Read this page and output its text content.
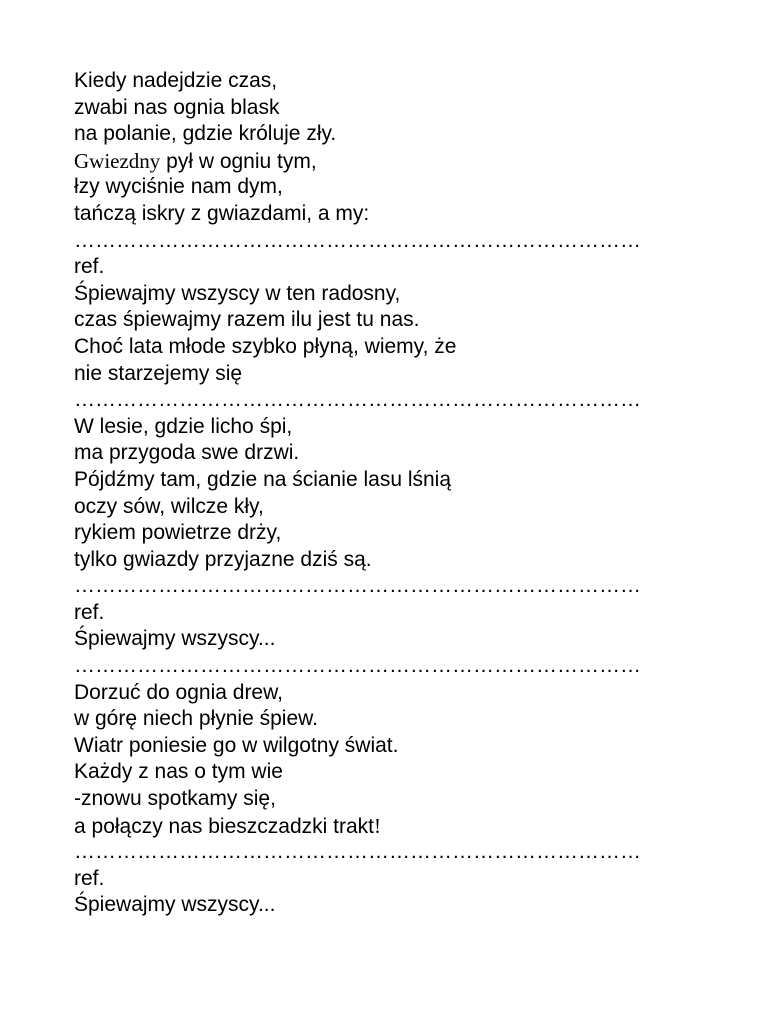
Kiedy nadejdzie czas,
zwabi nas ognia blask
na polanie, gdzie króluje zły.
Gwiezdny pył w ogniu tym,
łzy wyciśnie nam dym,
tańczą iskry z gwiazdami, a my:
………………………………………………………………………
ref.
Śpiewajmy wszyscy w ten radosny,
czas śpiewajmy razem ilu jest tu nas.
Choć lata młode szybko płyną, wiemy, że
nie starzejemy się
………………………………………………………………………
W lesie, gdzie licho śpi,
ma przygoda swe drzwi.
Pójdźmy tam, gdzie na ścianie lasu lśnią
oczy sów, wilcze kły,
rykiem powietrze drży,
tylko gwiazdy przyjazne dziś są.
………………………………………………………………………
ref.
Śpiewajmy wszyscy...
………………………………………………………………………
Dorzuć do ognia drew,
w górę niech płynie śpiew.
Wiatr poniesie go w wilgotny świat.
Każdy z nas o tym wie
-znowu spotkamy się,
a połączy nas bieszczadzki trakt!
………………………………………………………………………
ref.
Śpiewajmy wszyscy...
